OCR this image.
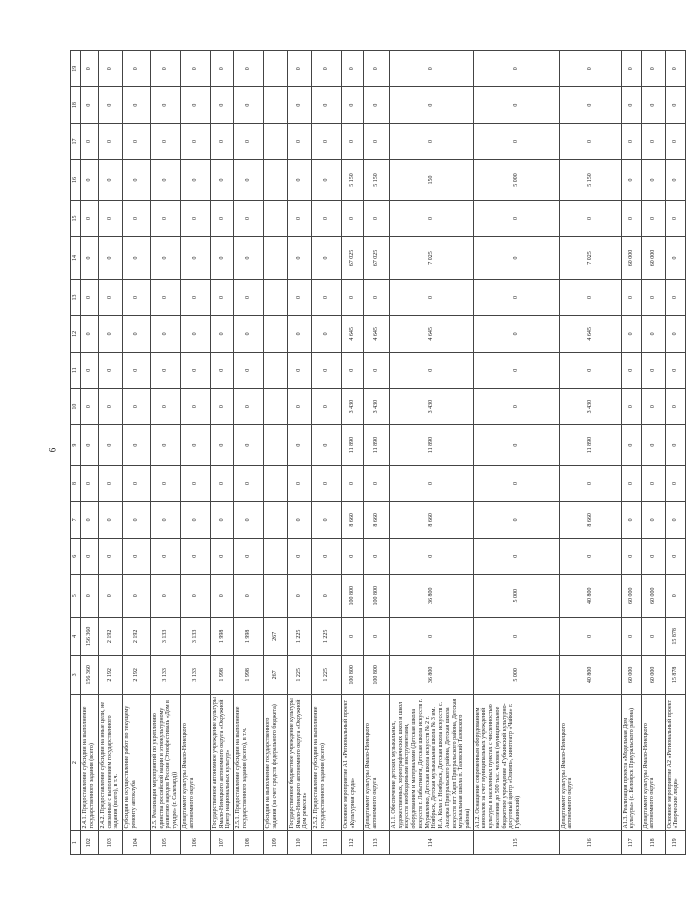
9
1	2	3	4	5	6	7	8	9	10	11	12	13	14	15	16	17	18	19
102	2.4.1. Предоставление субсидии на выполнение государственного задания (всего)	156 360	156 360	0	0	0	0	0	0	0	0	0	0	0	0	0	0	0
103	2.4.2. Предоставление субсидии на иные цели, не связанные с выполнением государственного задания (всего), в т.ч.	2 192	2 192	0	0	0	0	0	0	0	0	0	0	0	0	0	0	0
104	Субсидия на осуществление работ по текущему ремонту автоклуба	2 192	2 192	0	0	0	0	0	0	0	0	0	0	0	0	0	0	0
105	2.5. Реализация мероприятий по укреплению единства российской нации и этнокультурному развитию народов России (Этнофестиваль «Дом в тундре» (г. Салехард))	3 133	3 133	0	0	0	0	0	0	0	0	0	0	0	0	0	0	0
106	Департамент культуры Ямало-Ненецкого автономного округа	3 133	3 133	0	0	0	0	0	0	0	0	0	0	0	0	0	0	0
107	Государственное автономное учреждение культуры Ямало-Ненецкого автономного округа «Окружной Центр национальных культур»	1 998	1 998	0	0	0	0	0	0	0	0	0	0	0	0	0	0	0
108	2.5.1. Предоставление субсидии на выполнение государственного задания (всего), в т.ч.	1 998	1 998	0	0	0	0	0	0	0	0	0	0	0	0	0	0	0
109	Субсидия на выполнение государственного задания (за счет средств федерального бюджета)	267	267															
110	Государственное бюджетное учреждение культуры Ямало-Ненецкого автономного округа «Окружной Дом ремесел»	1 225	1 225	0	0	0	0	0	0	0	0	0	0	0	0	0	0	0
111	2.5.2. Предоставление субсидии на выполнение государственного задания (всего)	1 225	1 225	0	0	0	0	0	0	0	0	0	0	0	0	0	0	0
112	Основное мероприятие А1 «Региональный проект «Культурная среда»	100 800	0	100 800	0	8 660	0	11 890	3 430	0	4 645	0	67 025	0	5 150	0	0	0
113	Департамент культуры Ямало-Ненецкого автономного округа	100 800	0	100 800	0	8 660	0	11 890	3 430	0	4 645	0	67 025	0	5 150	0	0	0
114	А1.1. Обеспечение детских музыкальных, художественных, хореографических школ и школ искусств необходимыми инструментами, оборудованием и материалами (Детская школа искусств г. Лабытнанги, Детская школа искусств г. Муравленко, Детская школа искусств № 2 г. Ноябрьск, Детская музыкальная школа № 3 им. И.А. Кола г. Ноябрьск, Детская школа искусств с. Аксарка Приуральского района, Детская школа искусств пгт Харп Приуральского района, Детская музыкальная школа п. Тазовский Тазовского района)	36 800	0	36 800	0	8 660	0	11 890	3 430	0	4 645	0	7 025	0	150	0	0	0
115	А1.2. Оснащение современным оборудованием кинозалов за счет муниципальных учреждений культуры в населенных пунктах с численностью населения до 500 тыс. человек (муниципальное бюджетное учреждение «Губкинский культурно-досуговый центр «Олимп», кинотеатр «Чайка» г. Губкинский)	5 000	0	5 000	0	0	0	0	0	0	0	0	0	0	5 000	0	0	0
116	Департамент культуры Ямало-Ненецкого автономного округа	40 800	0	40 800	0	8 660	0	11 890	3 430	0	4 645	0	7 025	0	5 150	0	0	0
117	А1.3. Реализация проекта «Модельная Дом культуры» (с. Белоярск Приуральского района)	60 000	0	60 000	0	0	0	0	0	0	0	0	60 000	0	0	0	0	0
118	Департамент культуры Ямало-Ненецкого автономного округа	60 000	0	60 000	0	0	0	0	0	0	0	0	60 000	0	0	0	0	0
119	Основное мероприятие А2 «Региональный проект «Творческие люди»	15 878	15 878	0	0	0	0	0	0	0	0	0	0	0	0	0	0	0
